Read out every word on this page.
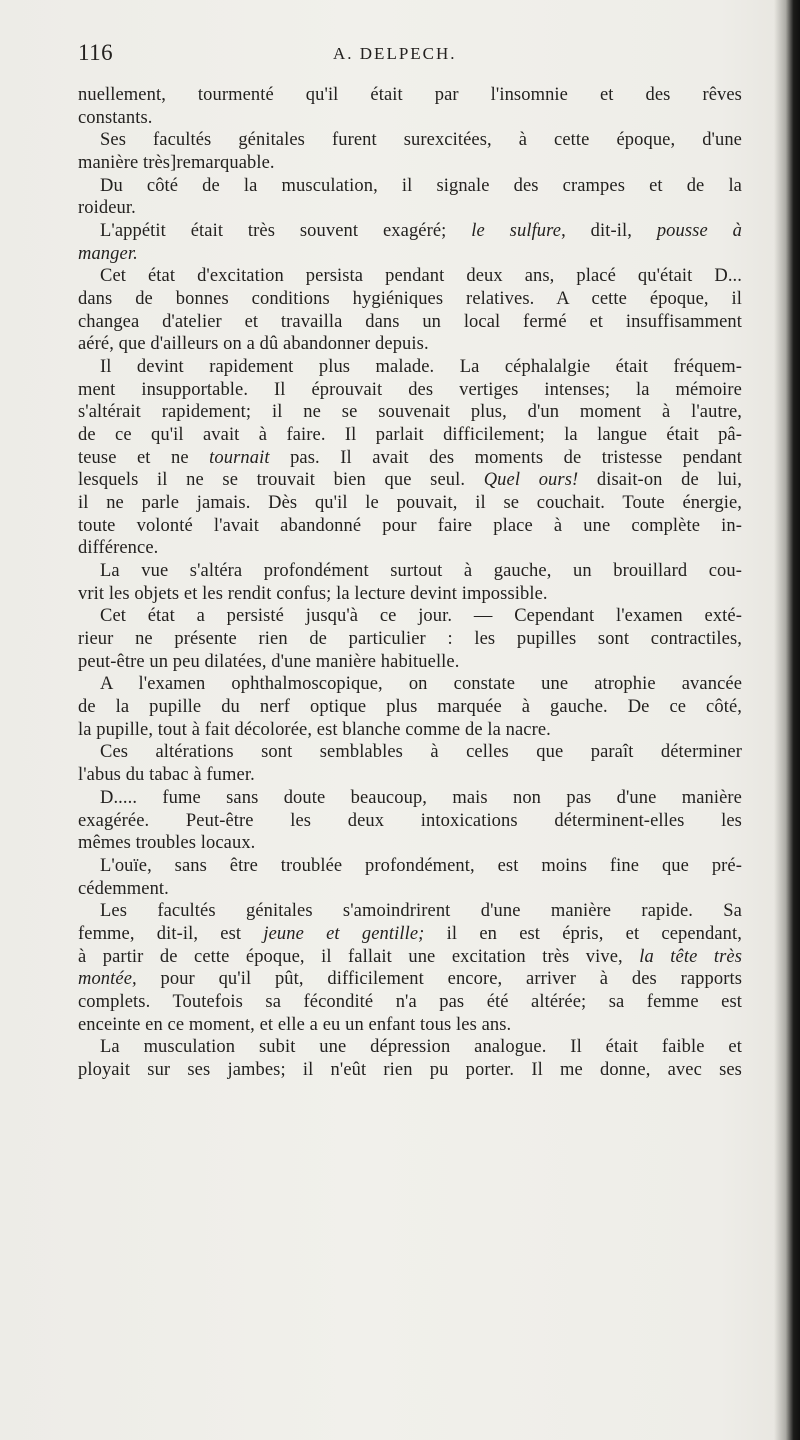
116	A. DELPECH.
nuellement, tourmenté qu'il était par l'insomnie et des rêves
constants.
Ses facultés génitales furent surexcitées, à cette époque, d'une
manière très]remarquable.
Du côté de la musculation, il signale des crampes et de la
roideur.
L'appétit était très souvent exagéré; le sulfure, dit-il, pousse à
manger.
Cet état d'excitation persista pendant deux ans, placé qu'était D...
dans de bonnes conditions hygiéniques relatives. A cette époque, il
changea d'atelier et travailla dans un local fermé et insuffisamment
aéré, que d'ailleurs on a dû abandonner depuis.
Il devint rapidement plus malade. La céphalalgie était fréquem-
ment insupportable. Il éprouvait des vertiges intenses; la mémoire
s'altérait rapidement; il ne se souvenait plus, d'un moment à l'autre,
de ce qu'il avait à faire. Il parlait difficilement; la langue était pâ-
teuse et ne tournait pas. Il avait des moments de tristesse pendant
lesquels il ne se trouvait bien que seul. Quel ours! disait-on de lui,
il ne parle jamais. Dès qu'il le pouvait, il se couchait. Toute énergie,
toute volonté l'avait abandonné pour faire place à une complète in-
différence.
La vue s'altéra profondément surtout à gauche, un brouillard cou-
vrit les objets et les rendit confus; la lecture devint impossible.
Cet état a persisté jusqu'à ce jour. — Cependant l'examen exté-
rieur ne présente rien de particulier : les pupilles sont contractiles,
peut-être un peu dilatées, d'une manière habituelle.
A l'examen ophthalmoscopique, on constate une atrophie avancée
de la pupille du nerf optique plus marquée à gauche. De ce côté,
la pupille, tout à fait décolorée, est blanche comme de la nacre.
Ces altérations sont semblables à celles que paraît déterminer
l'abus du tabac à fumer.
D..... fume sans doute beaucoup, mais non pas d'une manière
exagérée. Peut-être les deux intoxications déterminent-elles les
mêmes troubles locaux.
L'ouïe, sans être troublée profondément, est moins fine que pré-
cédemment.
Les facultés génitales s'amoindrirent d'une manière rapide. Sa
femme, dit-il, est jeune et gentille; il en est épris, et cependant,
à partir de cette époque, il fallait une excitation très vive, la tête très
montée, pour qu'il pût, difficilement encore, arriver à des rapports
complets. Toutefois sa fécondité n'a pas été altérée; sa femme est
enceinte en ce moment, et elle a eu un enfant tous les ans.
La musculation subit une dépression analogue. Il était faible et
ployait sur ses jambes; il n'eût rien pu porter. Il me donne, avec ses
